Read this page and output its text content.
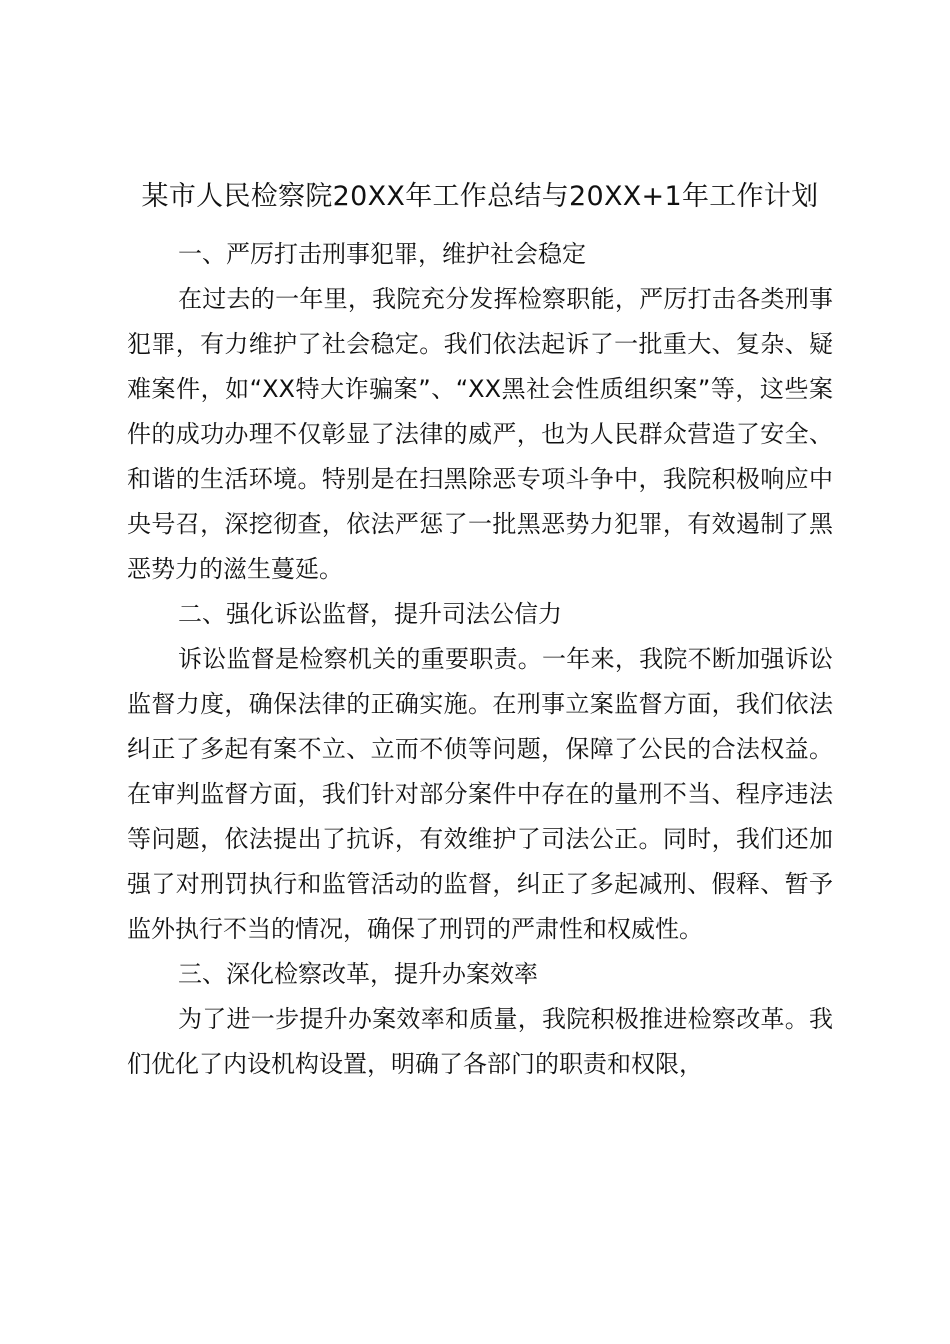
某市人民检察院20XX年工作总结与20XX+1年工作计划

一、严厉打击刑事犯罪，维护社会稳定

在过去的一年里，我院充分发挥检察职能，严厉打击各类刑事犯罪，有力维护了社会稳定。我们依法起诉了一批重大、复杂、疑难案件，如“XX特大诈骗案”、“XX黑社会性质组织案”等，这些案件的成功办理不仅彰显了法律的威严，也为人民群众营造了安全、和谐的生活环境。特别是在扫黑除恶专项斗争中，我院积极响应中央号召，深挖彻查，依法严惩了一批黑恶势力犯罪，有效遏制了黑恶势力的滋生蔓延。

二、强化诉讼监督，提升司法公信力

诉讼监督是检察机关的重要职责。一年来，我院不断加强诉讼监督力度，确保法律的正确实施。在刑事立案监督方面，我们依法纠正了多起有案不立、立而不侦等问题，保障了公民的合法权益。在审判监督方面，我们针对部分案件中存在的量刑不当、程序违法等问题，依法提出了抗诉，有效维护了司法公正。同时，我们还加强了对刑罚执行和监管活动的监督，纠正了多起减刑、假释、暂予监外执行不当的情况，确保了刑罚的严肃性和权威性。

三、深化检察改革，提升办案效率

为了进一步提升办案效率和质量，我院积极推进检察改革。我们优化了内设机构设置，明确了各部门的职责和权限，
